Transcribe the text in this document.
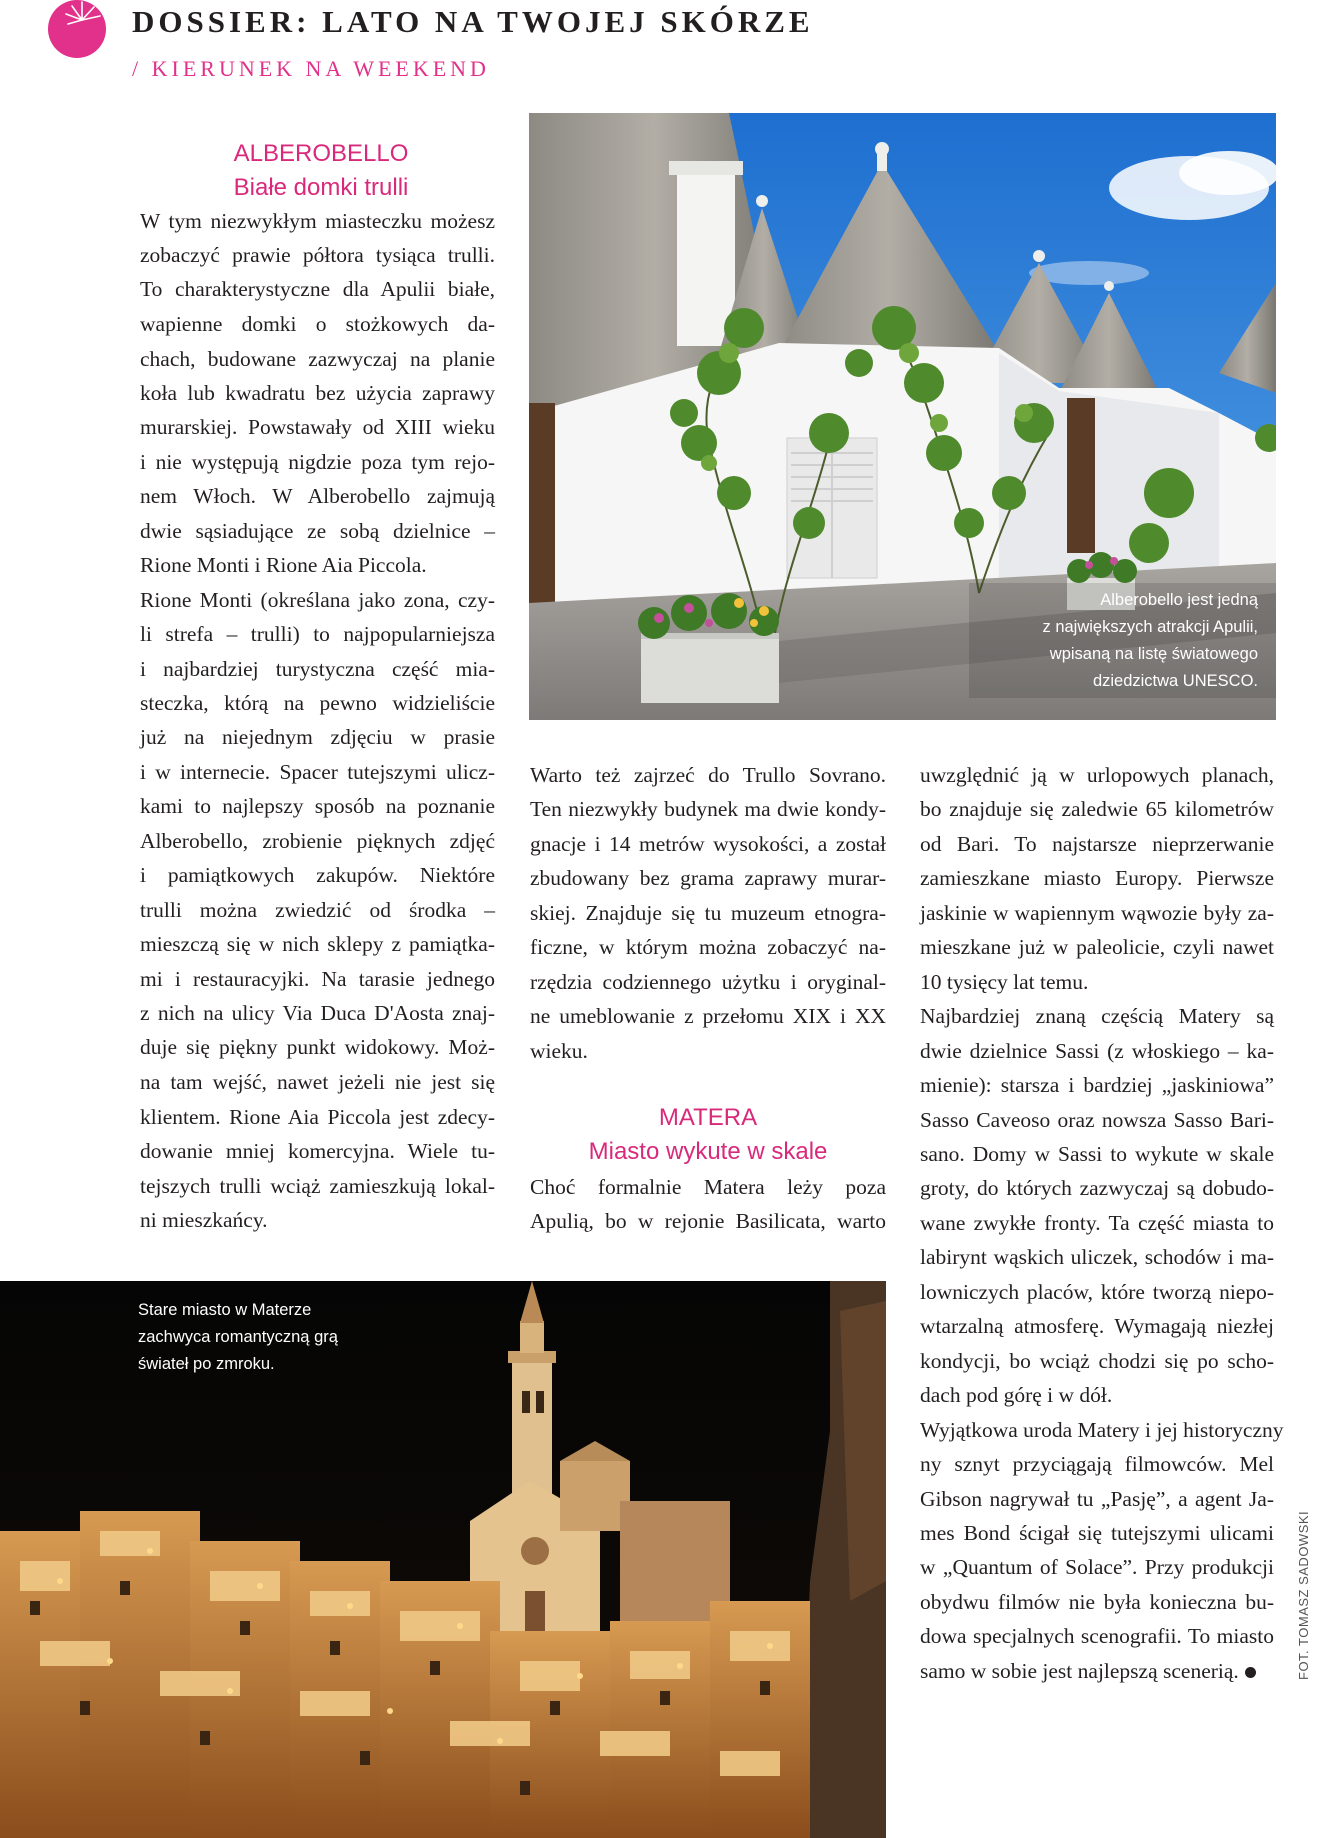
DOSSIER: LATO NA TWOJEJ SKÓRZE
/ KIERUNEK NA WEEKEND
ALBEROBELLO
Białe domki trulli
W tym niezwykłym miasteczku możesz
zobaczyć prawie półtora tysiąca trulli.
To charakterystyczne dla Apulii białe,
wapienne domki o stożkowych da-
chach, budowane zazwyczaj na planie
koła lub kwadratu bez użycia zaprawy
murarskiej. Powstawały od XIII wieku
i nie występują nigdzie poza tym rejo-
nem Włoch. W Alberobello zajmują
dwie sąsiadujące ze sobą dzielnice –
Rione Monti i Rione Aia Piccola.
Rione Monti (określana jako zona, czy-
li strefa – trulli) to najpopularniejsza
i najbardziej turystyczna część mia-
steczka, którą na pewno widzieliście
już na niejednym zdjęciu w prasie
i w internecie. Spacer tutejszymi ulicz-
kami to najlepszy sposób na poznanie
Alberobello, zrobienie pięknych zdjęć
i pamiątkowych zakupów. Niektóre
trulli można zwiedzić od środka –
mieszczą się w nich sklepy z pamiątka-
mi i restauracyjki. Na tarasie jednego
z nich na ulicy Via Duca D'Aosta znaj-
duje się piękny punkt widokowy. Moż-
na tam wejść, nawet jeżeli nie jest się
klientem. Rione Aia Piccola jest zdecy-
dowanie mniej komercyjna. Wiele tu-
tejszych trulli wciąż zamieszkują lokal-
ni mieszkańcy.
Alberobello jest jedną
z największych atrakcji Apulii,
wpisaną na listę światowego
dziedzictwa UNESCO.
Warto też zajrzeć do Trullo Sovrano.
Ten niezwykły budynek ma dwie kondy-
gnacje i 14 metrów wysokości, a został
zbudowany bez grama zaprawy murar-
skiej. Znajduje się tu muzeum etnogra-
ficzne, w którym można zobaczyć na-
rzędzia codziennego użytku i oryginal-
ne umeblowanie z przełomu XIX i XX
wieku.
MATERA
Miasto wykute w skale
Choć formalnie Matera leży poza
Apulią, bo w rejonie Basilicata, warto
uwzględnić ją w urlopowych planach,
bo znajduje się zaledwie 65 kilometrów
od Bari. To najstarsze nieprzerwanie
zamieszkane miasto Europy. Pierwsze
jaskinie w wapiennym wąwozie były za-
mieszkane już w paleolicie, czyli nawet
10 tysięcy lat temu.
Najbardziej znaną częścią Matery są
dwie dzielnice Sassi (z włoskiego – ka-
mienie): starsza i bardziej „jaskiniowa”
Sasso Caveoso oraz nowsza Sasso Bari-
sano. Domy w Sassi to wykute w skale
groty, do których zazwyczaj są dobudo-
wane zwykłe fronty. Ta część miasta to
labirynt wąskich uliczek, schodów i ma-
lowniczych placów, które tworzą niepo-
wtarzalną atmosferę. Wymagają niezłej
kondycji, bo wciąż chodzi się po scho-
dach pod górę i w dół.
Wyjątkowa uroda Matery i jej historyczny
ny sznyt przyciągają filmowców. Mel
Gibson nagrywał tu „Pasję”, a agent Ja-
mes Bond ścigał się tutejszymi ulicami
w „Quantum of Solace”. Przy produkcji
obydwu filmów nie była konieczna bu-
dowa specjalnych scenografii. To miasto
samo w sobie jest najlepszą scenerią.
Stare miasto w Materze
zachwyca romantyczną grą
świateł po zmroku.
FOT. TOMASZ SADOWSKI
